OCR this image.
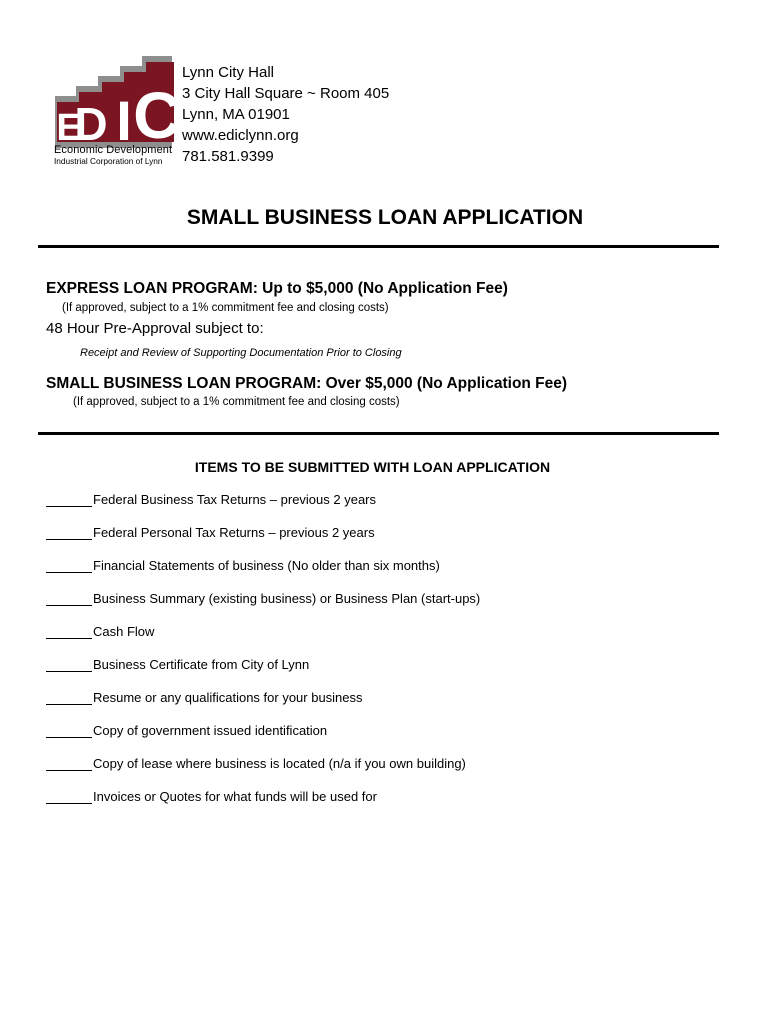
E
D I C
Economic Development
Industrial Corporation of Lynn
Lynn City Hall
3 City Hall Square ~ Room 405
Lynn, MA 01901
www.ediclynn.org
781.581.9399
SMALL BUSINESS LOAN APPLICATION
EXPRESS LOAN PROGRAM: Up to $5,000 (No Application Fee)
(If approved, subject to a 1% commitment fee and closing costs)
48 Hour Pre-Approval subject to:
Receipt and Review of Supporting Documentation Prior to Closing
SMALL BUSINESS LOAN PROGRAM: Over $5,000 (No Application Fee)
(If approved, subject to a 1% commitment fee and closing costs)
ITEMS TO BE SUBMITTED WITH LOAN APPLICATION
Federal Business Tax Returns – previous 2 years
Federal Personal Tax Returns – previous 2 years
Financial Statements of business (No older than six months)
Business Summary (existing business) or Business Plan (start-ups)
Cash Flow
Business Certificate from City of Lynn
Resume or any qualifications for your business
Copy of government issued identification
Copy of lease where business is located (n/a if you own building)
Invoices or Quotes for what funds will be used for
